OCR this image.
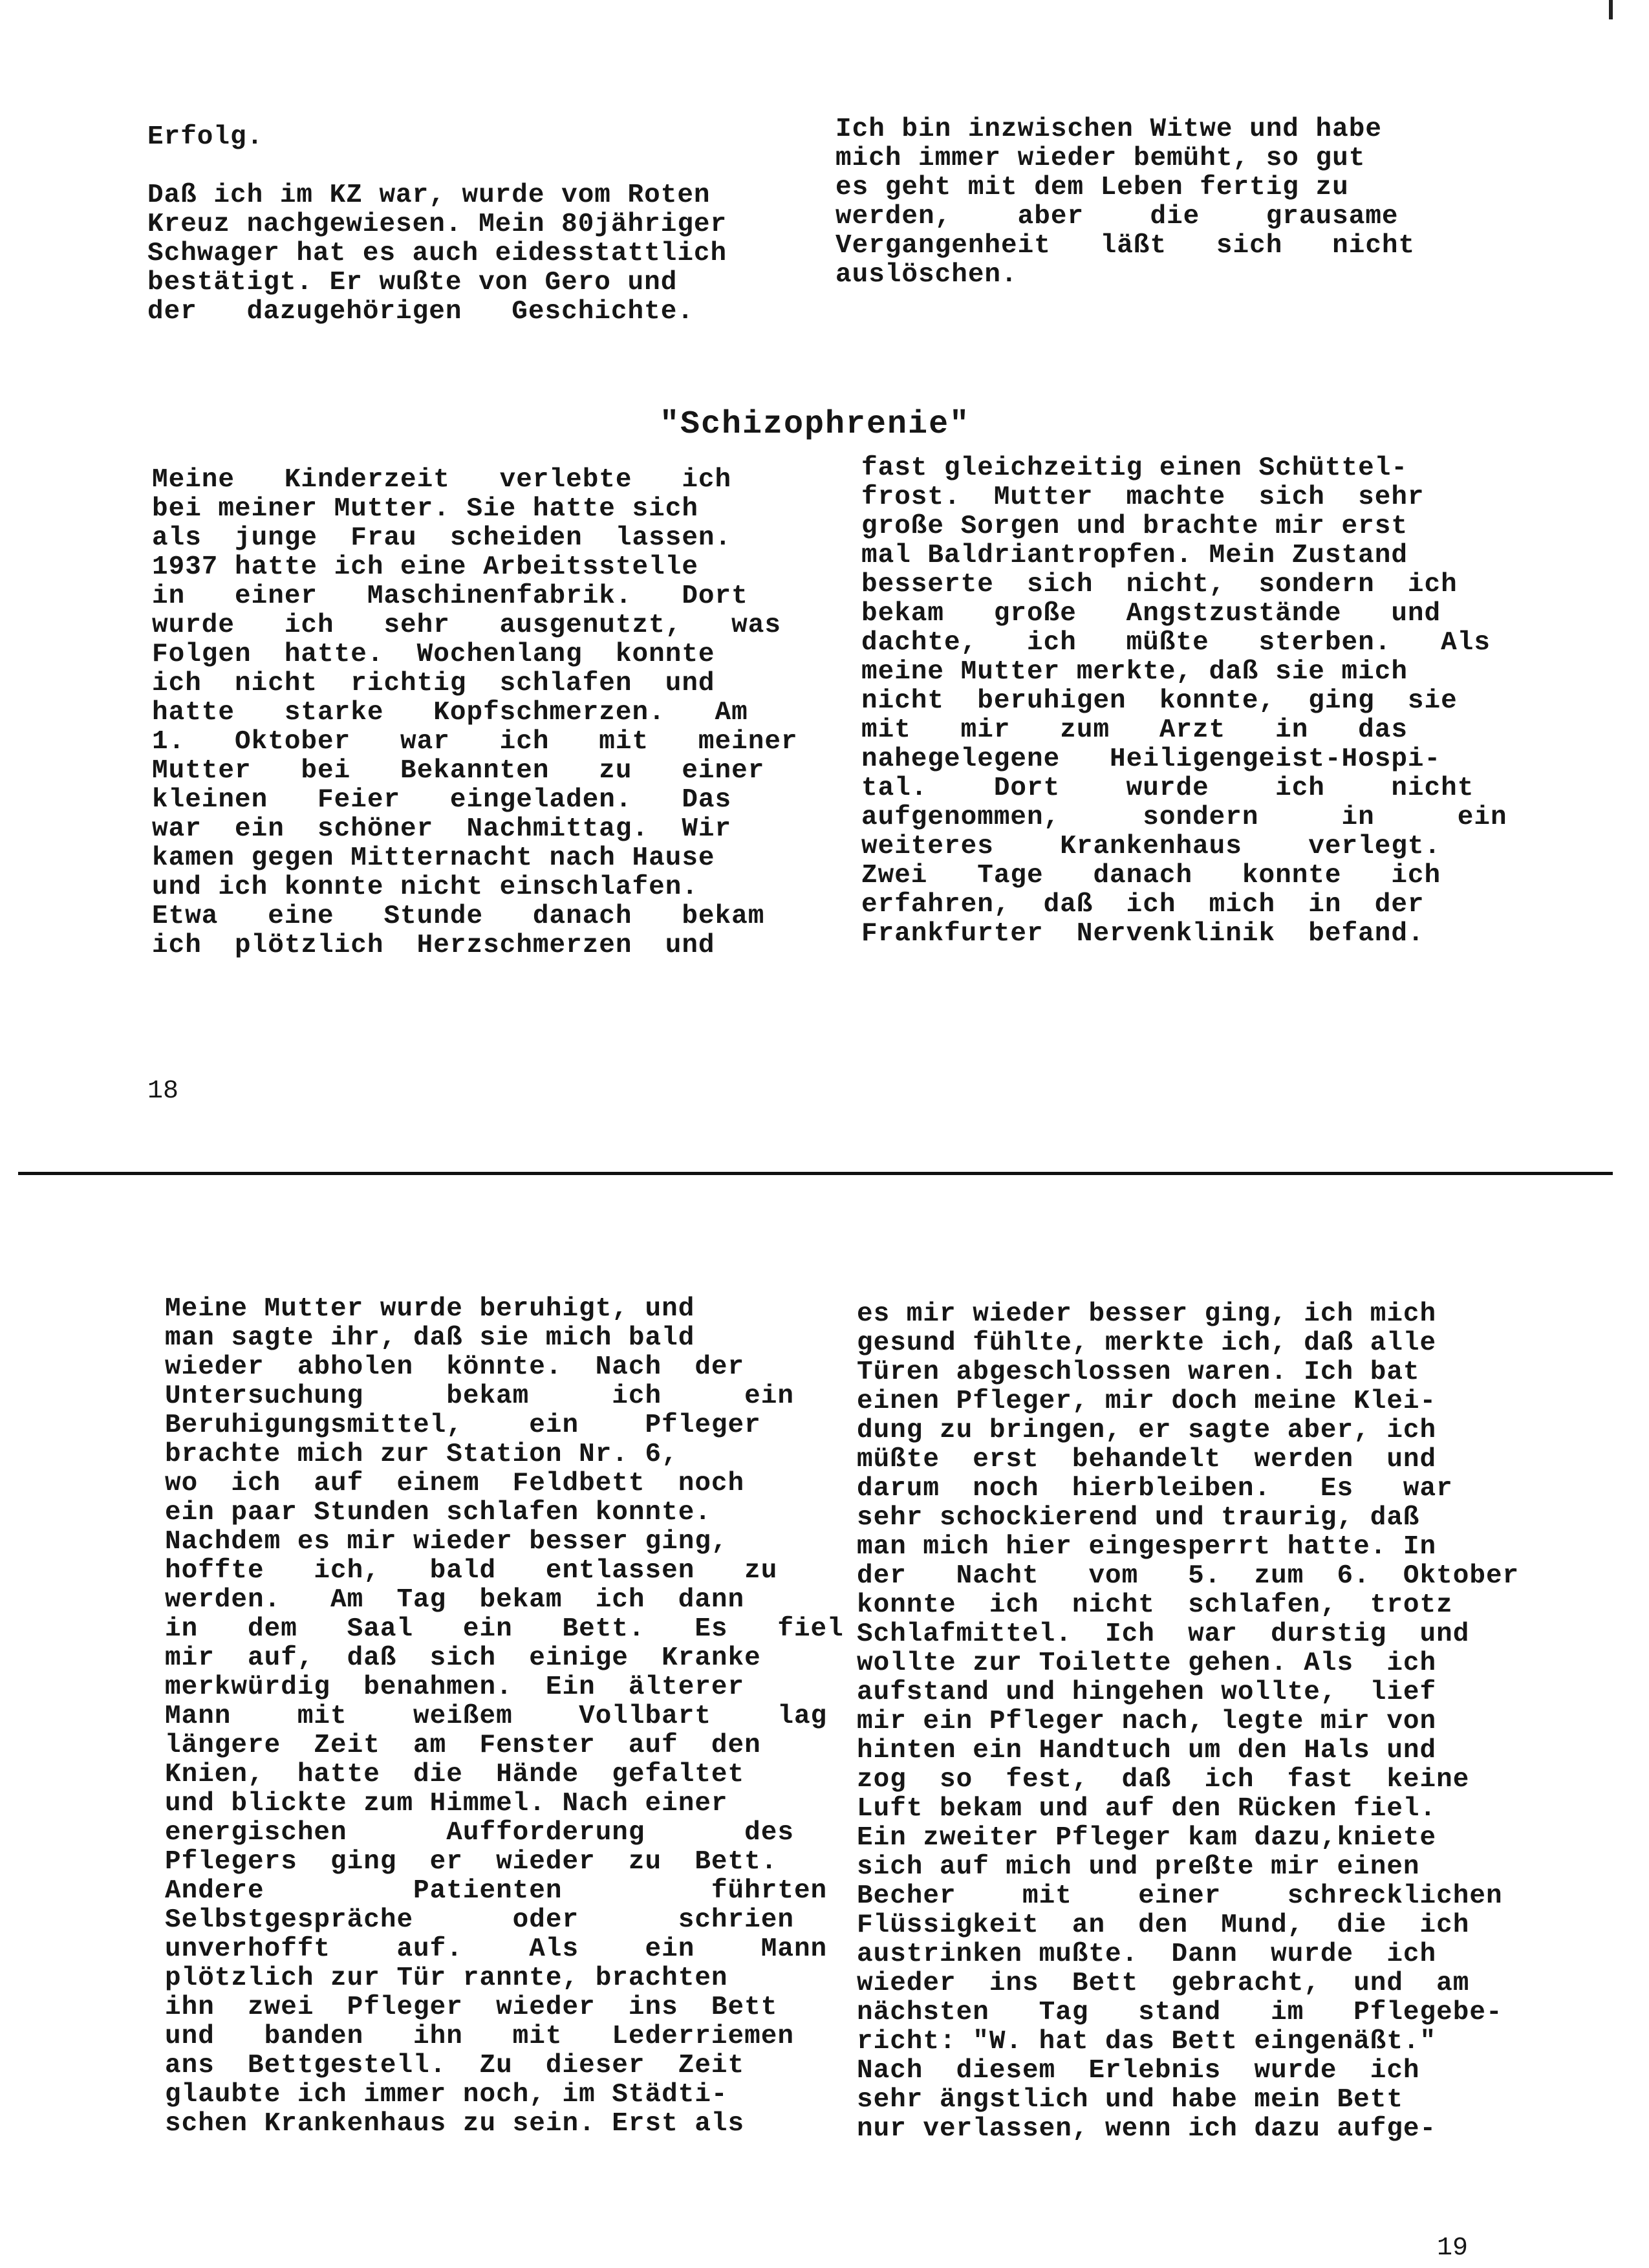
Erfolg.
Daß ich im KZ war, wurde vom Roten
Kreuz nachgewiesen. Mein 80jähriger
Schwager hat es auch eidesstattlich
bestätigt. Er wußte von Gero und
der   dazugehörigen   Geschichte.
Ich bin inzwischen Witwe und habe
mich immer wieder bemüht, so gut
es geht mit dem Leben fertig zu
werden,    aber    die    grausame
Vergangenheit   läßt   sich   nicht
auslöschen.
"Schizophrenie"
Meine   Kinderzeit   verlebte   ich
bei meiner Mutter. Sie hatte sich
als  junge  Frau  scheiden  lassen.
1937 hatte ich eine Arbeitsstelle
in   einer   Maschinenfabrik.   Dort
wurde   ich   sehr   ausgenutzt,   was
Folgen  hatte.  Wochenlang  konnte
ich  nicht  richtig  schlafen  und
hatte   starke   Kopfschmerzen.   Am
1.   Oktober   war   ich   mit   meiner
Mutter   bei   Bekannten   zu   einer
kleinen   Feier   eingeladen.   Das
war  ein  schöner  Nachmittag.  Wir
kamen gegen Mitternacht nach Hause
und ich konnte nicht einschlafen.
Etwa   eine   Stunde   danach   bekam
ich  plötzlich  Herzschmerzen  und
fast gleichzeitig einen Schüttel-
frost.  Mutter  machte  sich  sehr
große Sorgen und brachte mir erst
mal Baldriantropfen. Mein Zustand
besserte  sich  nicht,  sondern  ich
bekam   große   Angstzustände   und
dachte,   ich   müßte   sterben.   Als
meine Mutter merkte, daß sie mich
nicht  beruhigen  konnte,  ging  sie
mit   mir   zum   Arzt   in   das
nahegelegene   Heiligengeist-Hospi-
tal.    Dort    wurde    ich    nicht
aufgenommen,     sondern     in     ein
weiteres    Krankenhaus    verlegt.
Zwei   Tage   danach   konnte   ich
erfahren,  daß  ich  mich  in  der
Frankfurter  Nervenklinik  befand.
18
Meine Mutter wurde beruhigt, und
man sagte ihr, daß sie mich bald
wieder  abholen  könnte.  Nach  der
Untersuchung     bekam     ich     ein
Beruhigungsmittel,    ein    Pfleger
brachte mich zur Station Nr. 6,
wo  ich  auf  einem  Feldbett  noch
ein paar Stunden schlafen konnte.
Nachdem es mir wieder besser ging,
hoffte   ich,   bald   entlassen   zu
werden.   Am  Tag  bekam  ich  dann
in   dem   Saal   ein   Bett.   Es   fiel
mir  auf,  daß  sich  einige  Kranke
merkwürdig  benahmen.  Ein  älterer
Mann    mit    weißem    Vollbart    lag
längere  Zeit  am  Fenster  auf  den
Knien,  hatte  die  Hände  gefaltet
und blickte zum Himmel. Nach einer
energischen      Aufforderung      des
Pflegers  ging  er  wieder  zu  Bett.
Andere         Patienten         führten
Selbstgespräche      oder      schrien
unverhofft    auf.    Als    ein    Mann
plötzlich zur Tür rannte, brachten
ihn  zwei  Pfleger  wieder  ins  Bett
und   banden   ihn   mit   Lederriemen
ans  Bettgestell.  Zu  dieser  Zeit
glaubte ich immer noch, im Städti-
schen Krankenhaus zu sein. Erst als
es mir wieder besser ging, ich mich
gesund fühlte, merkte ich, daß alle
Türen abgeschlossen waren. Ich bat
einen Pfleger, mir doch meine Klei-
dung zu bringen, er sagte aber, ich
müßte  erst  behandelt  werden  und
darum  noch  hierbleiben.   Es   war
sehr schockierend und traurig, daß
man mich hier eingesperrt hatte. In
der   Nacht   vom   5.  zum  6.  Oktober
konnte  ich  nicht  schlafen,  trotz
Schlafmittel.  Ich  war  durstig  und
wollte zur Toilette gehen. Als  ich
aufstand und hingehen wollte,  lief
mir ein Pfleger nach, legte mir von
hinten ein Handtuch um den Hals und
zog  so  fest,  daß  ich  fast  keine
Luft bekam und auf den Rücken fiel.
Ein zweiter Pfleger kam dazu,kniete
sich auf mich und preßte mir einen
Becher    mit    einer    schrecklichen
Flüssigkeit  an  den  Mund,  die  ich
austrinken mußte.  Dann  wurde  ich
wieder  ins  Bett  gebracht,  und  am
nächsten   Tag   stand   im   Pflegebe-
richt: "W. hat das Bett eingenäßt."
Nach  diesem  Erlebnis  wurde  ich
sehr ängstlich und habe mein Bett
nur verlassen, wenn ich dazu aufge-
19
